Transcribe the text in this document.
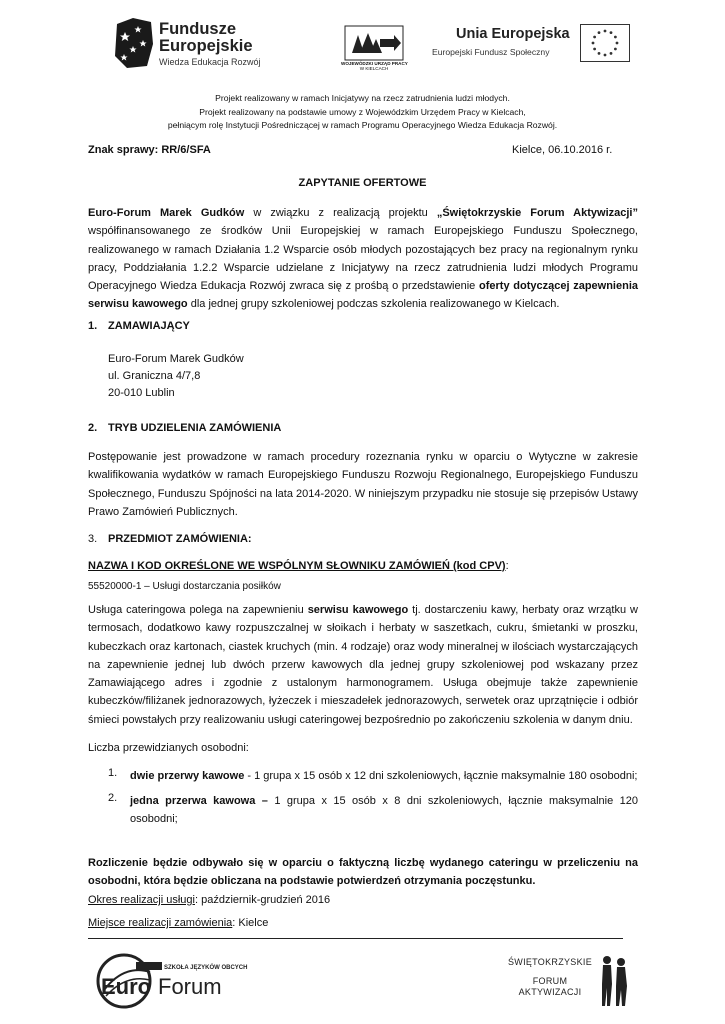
Fundusze
Europejskie
Wiedza Edukacja Rozwój	WOJEWÓDZKI URZĄD PRACY
W KIELCACH
Unia Europejska
Europejski Fundusz Społeczny
Projekt realizowany w ramach Inicjatywy na rzecz zatrudnienia ludzi młodych.
Projekt realizowany na podstawie umowy z Wojewódzkim Urzędem Pracy w Kielcach,
pełniącym rolę Instytucji Pośredniczącej w ramach Programu Operacyjnego Wiedza Edukacja Rozwój.
Znak sprawy: RR/6/SFA	Kielce, 06.10.2016 r.
ZAPYTANIE OFERTOWE
Euro-Forum Marek Gudków w związku z realizacją projektu „Świętokrzyskie Forum Aktywizacji” współfinansowanego ze środków Unii Europejskiej w ramach Europejskiego Funduszu Społecznego, realizowanego w ramach Działania 1.2 Wsparcie osób młodych pozostających bez pracy na regionalnym rynku pracy, Poddziałania 1.2.2 Wsparcie udzielane z Inicjatywy na rzecz zatrudnienia ludzi młodych Programu Operacyjnego Wiedza Edukacja Rozwój zwraca się z prośbą o przedstawienie oferty dotyczącej zapewnienia serwisu kawowego dla jednej grupy szkoleniowej podczas szkolenia realizowanego w Kielcach.
1. ZAMAWIAJĄCY
Euro-Forum Marek Gudków
ul. Graniczna 4/7,8
20-010 Lublin
2. TRYB UDZIELENIA ZAMÓWIENIA
Postępowanie jest prowadzone w ramach procedury rozeznania rynku w oparciu o Wytyczne w zakresie kwalifikowania wydatków w ramach Europejskiego Funduszu Rozwoju Regionalnego, Europejskiego Funduszu Społecznego, Funduszu Spójności na lata 2014-2020. W niniejszym przypadku nie stosuje się przepisów Ustawy Prawo Zamówień Publicznych.
3. PRZEDMIOT ZAMÓWIENIA:
NAZWA I KOD OKREŚLONE WE WSPÓLNYM SŁOWNIKU ZAMÓWIEŃ (kod CPV):
55520000-1 – Usługi dostarczania posiłków
Usługa cateringowa polega na zapewnieniu serwisu kawowego tj. dostarczeniu kawy, herbaty oraz wrzątku w termosach, dodatkowo kawy rozpuszczalnej w słoikach i herbaty w saszetkach, cukru, śmietanki w proszku, kubeczkach oraz kartonach, ciastek kruchych (min. 4 rodzaje) oraz wody mineralnej w ilościach wystarczających na zapewnienie jednej lub dwóch przerw kawowych dla jednej grupy szkoleniowej pod wskazany przez Zamawiającego adres i zgodnie z ustalonym harmonogramem. Usługa obejmuje także zapewnienie kubeczków/filiżanek jednorazowych, łyżeczek i mieszadełek jednorazowych, serwetek oraz uprzątnięcie i odbiór śmieci powstałych przy realizowaniu usługi cateringowej bezpośrednio po zakończeniu szkolenia w danym dniu.
Liczba przewidzianych osobodni:
1. dwie przerwy kawowe - 1 grupa x 15 osób x 12 dni szkoleniowych, łącznie maksymalnie 180 osobodni;
2. jedna przerwa kawowa – 1 grupa x 15 osób x 8 dni szkoleniowych, łącznie maksymalnie 120 osobodni;
Rozliczenie będzie odbywało się w oparciu o faktyczną liczbę wydanego cateringu w przeliczeniu na osobodni, która będzie obliczana na podstawie potwierdzeń otrzymania poczęstunku.
Okres realizacji usługi: październik-grudzień 2016
Miejsce realizacji zamówienia: Kielce
SZKOŁA JĘZYKÓW OBCYCH
Euro Forum
ŚWIĘTOKRZYSKIE
FORUM
AKTYWIZACJI
